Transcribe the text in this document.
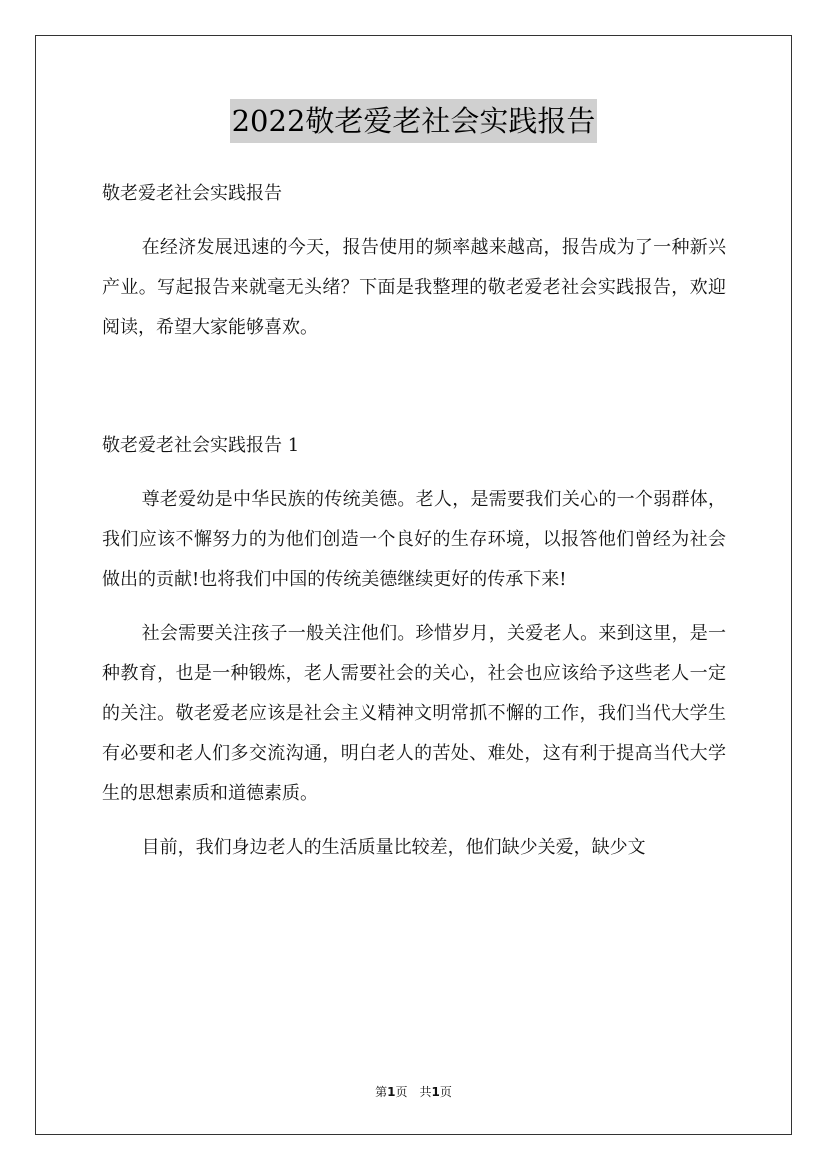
2022敬老爱老社会实践报告

敬老爱老社会实践报告

在经济发展迅速的今天，报告使用的频率越来越高，报告成为了一种新兴产业。写起报告来就毫无头绪？下面是我整理的敬老爱老社会实践报告，欢迎阅读，希望大家能够喜欢。

敬老爱老社会实践报告 1

尊老爱幼是中华民族的传统美德。老人，是需要我们关心的一个弱群体，我们应该不懈努力的为他们创造一个良好的生存环境，以报答他们曾经为社会做出的贡献!也将我们中国的传统美德继续更好的传承下来!

社会需要关注孩子一般关注他们。珍惜岁月，关爱老人。来到这里，是一种教育，也是一种锻炼，老人需要社会的关心，社会也应该给予这些老人一定的关注。敬老爱老应该是社会主义精神文明常抓不懈的工作，我们当代大学生有必要和老人们多交流沟通，明白老人的苦处、难处，这有利于提高当代大学生的思想素质和道德素质。

目前，我们身边老人的生活质量比较差，他们缺少关爱，缺少文

第1页 共1页
